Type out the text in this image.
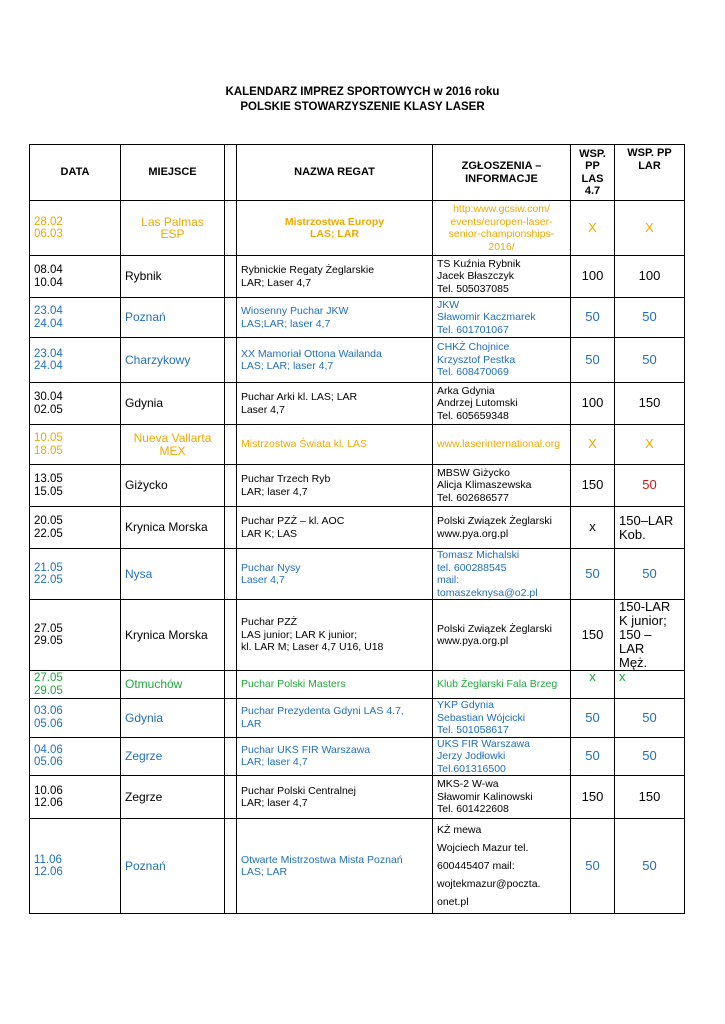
KALENDARZ IMPREZ SPORTOWYCH w 2016 roku
POLSKIE STOWARZYSZENIE KLASY LASER
DATA	MIEJSCE		NAZWA REGAT	ZGŁOSZENIA – INFORMACJE	WSP. PP LAS 4.7	WSP. PP LAR
28.02
06.03	Las Palmas
ESP		Mistrzostwa Europy
LAS; LAR	http:www.gcsiw.com/
events/europen-laser-
senior-championships-
2016/	X	X
08.04
10.04	Rybnik		Rybnickie Regaty Żeglarskie
LAR; Laser 4,7	TS Kuźnia Rybnik
Jacek Błaszczyk
Tel. 505037085	100	100
23.04
24.04	Poznań		Wiosenny Puchar JKW
LAS;LAR; laser 4,7	JKW
Sławomir Kaczmarek
Tel. 601701067	50	50
23.04
24.04	Charzykowy		XX Mamoriał Ottona Wailanda
LAS; LAR; laser 4,7	CHKŻ Chojnice
Krzysztof Pestka
Tel. 608470069	50	50
30.04
02.05	Gdynia		Puchar Arki kl. LAS; LAR
Laser 4,7	Arka Gdynia
Andrzej Lutomski
Tel. 605659348	100	150
10.05
18.05	Nueva Vallarta
MEX		Mistrzostwa Świata kl. LAS	www.laserinternational.org	X	X
13.05
15.05	Giżycko		Puchar Trzech Ryb
LAR; laser 4,7	MBSW Giżycko
Alicja Klimaszewska
Tel. 602686577	150	50
20.05
22.05	Krynica Morska		Puchar PZŻ – kl. AOC
LAR K; LAS	Polski Związek Żeglarski
www.pya.org.pl	x	150–LAR
Kob.
21.05
22.05	Nysa		Puchar Nysy
Laser 4,7	Tomasz Michalski
tel. 600288545
mail:
tomaszeknysa@o2.pl	50	50
27.05
29.05	Krynica Morska		Puchar PZŻ
LAS junior; LAR K junior;
kl. LAR M; Laser 4,7 U16, U18	Polski Związek Żeglarski
www.pya.org.pl	150	150-LAR
K junior;
150 – LAR
Męż.
27.05
29.05	Otmuchów		Puchar Polski Masters	Klub Żeglarski Fala Brzeg	x	x
03.06
05.06	Gdynia		Puchar Prezydenta Gdyni LAS 4.7,
LAR	YKP Gdynia
Sebastian Wójcicki
Tel. 501058617	50	50
04.06
05.06	Zegrze		Puchar UKS FIR Warszawa
LAR; laser 4,7	UKS FIR Warszawa
Jerzy Jodłowki
Tel.601316500	50	50
10.06
12.06	Zegrze		Puchar Polski Centralnej
LAR; laser 4,7	MKS-2 W-wa
Sławomir Kalinowski
Tel. 601422608	150	150
11.06
12.06	Poznań		Otwarte Mistrzostwa Mista Poznań
LAS; LAR	KŻ mewa
Wojciech Mazur tel.
600445407 mail:
wojtekmazur@poczta.
onet.pl	50	50
